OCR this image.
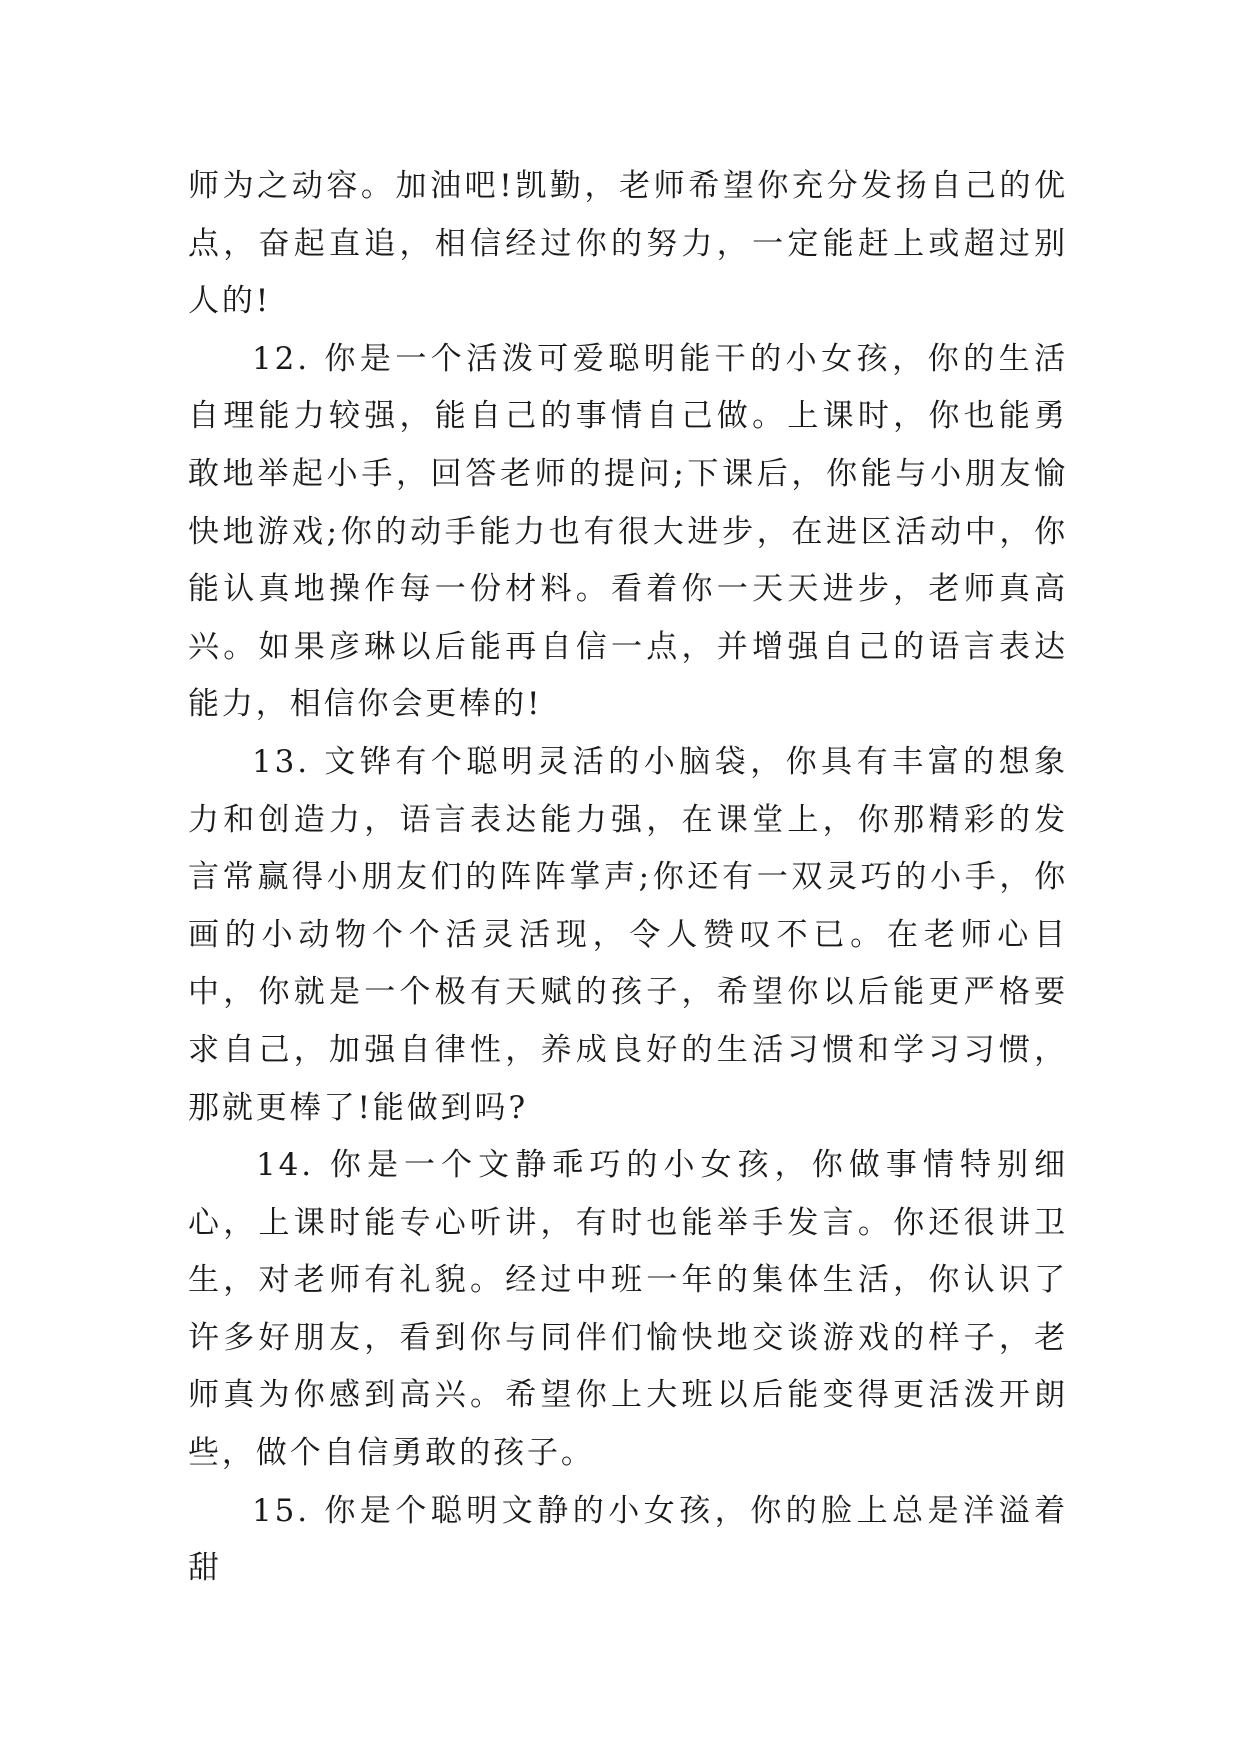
师为之动容。加油吧!凯勤，老师希望你充分发扬自己的优点，奋起直追，相信经过你的努力，一定能赶上或超过别人的!

12. 你是一个活泼可爱聪明能干的小女孩，你的生活自理能力较强，能自己的事情自己做。上课时，你也能勇敢地举起小手，回答老师的提问;下课后，你能与小朋友愉快地游戏;你的动手能力也有很大进步，在进区活动中，你能认真地操作每一份材料。看着你一天天进步，老师真高兴。如果彦琳以后能再自信一点，并增强自己的语言表达能力，相信你会更棒的!

13. 文铧有个聪明灵活的小脑袋，你具有丰富的想象力和创造力，语言表达能力强，在课堂上，你那精彩的发言常赢得小朋友们的阵阵掌声;你还有一双灵巧的小手，你画的小动物个个活灵活现，令人赞叹不已。在老师心目中，你就是一个极有天赋的孩子，希望你以后能更严格要求自己，加强自律性，养成良好的生活习惯和学习习惯，那就更棒了!能做到吗?

14. 你是一个文静乖巧的小女孩，你做事情特别细心，上课时能专心听讲，有时也能举手发言。你还很讲卫生，对老师有礼貌。经过中班一年的集体生活，你认识了许多好朋友，看到你与同伴们愉快地交谈游戏的样子，老师真为你感到高兴。希望你上大班以后能变得更活泼开朗些，做个自信勇敢的孩子。

15. 你是个聪明文静的小女孩，你的脸上总是洋溢着甜
